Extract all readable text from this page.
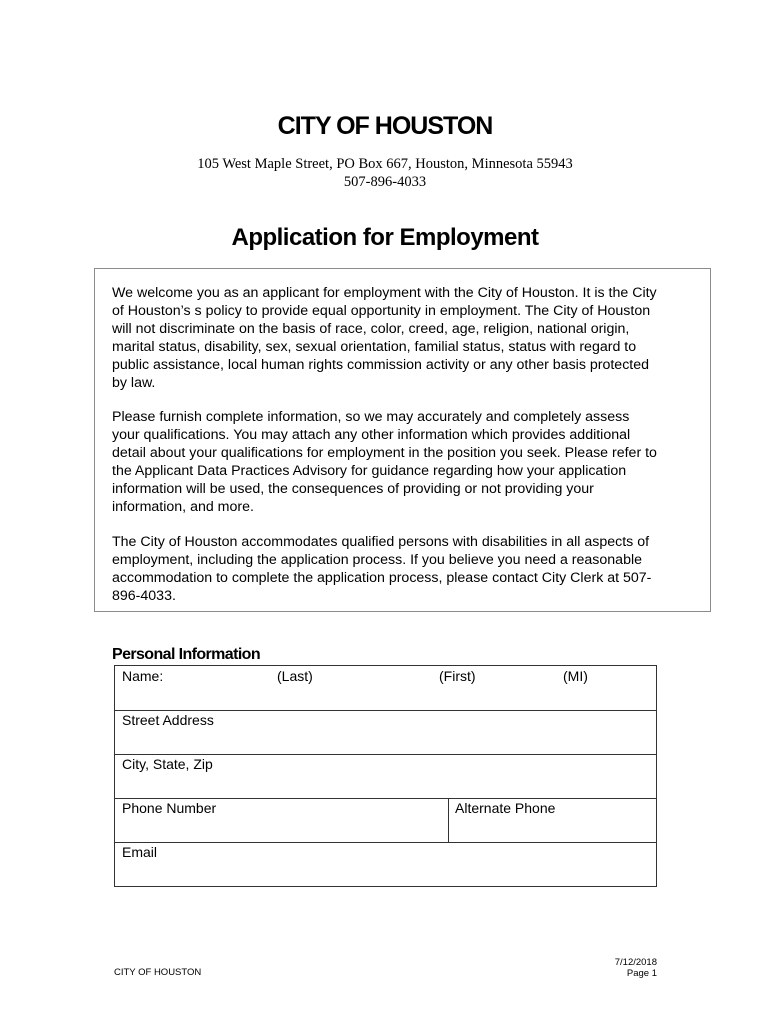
CITY OF HOUSTON
105 West Maple Street, PO Box 667, Houston, Minnesota 55943
507-896-4033
Application for Employment

We welcome you as an applicant for employment with the City of Houston. It is the City of Houston’s s policy to provide equal opportunity in employment. The City of Houston will not discriminate on the basis of race, color, creed, age, religion, national origin, marital status, disability, sex, sexual orientation, familial status, status with regard to public assistance, local human rights commission activity or any other basis protected by law.

Please furnish complete information, so we may accurately and completely assess your qualifications. You may attach any other information which provides additional detail about your qualifications for employment in the position you seek. Please refer to the Applicant Data Practices Advisory for guidance regarding how your application information will be used, the consequences of providing or not providing your information, and more.

The City of Houston accommodates qualified persons with disabilities in all aspects of employment, including the application process. If you believe you need a reasonable accommodation to complete the application process, please contact City Clerk at 507-896-4033.

Personal Information
Name:	(Last)	(First)	(MI)
Street Address
City, State, Zip
Phone Number	Alternate Phone
Email
CITY OF HOUSTON
7/12/2018
Page 1
